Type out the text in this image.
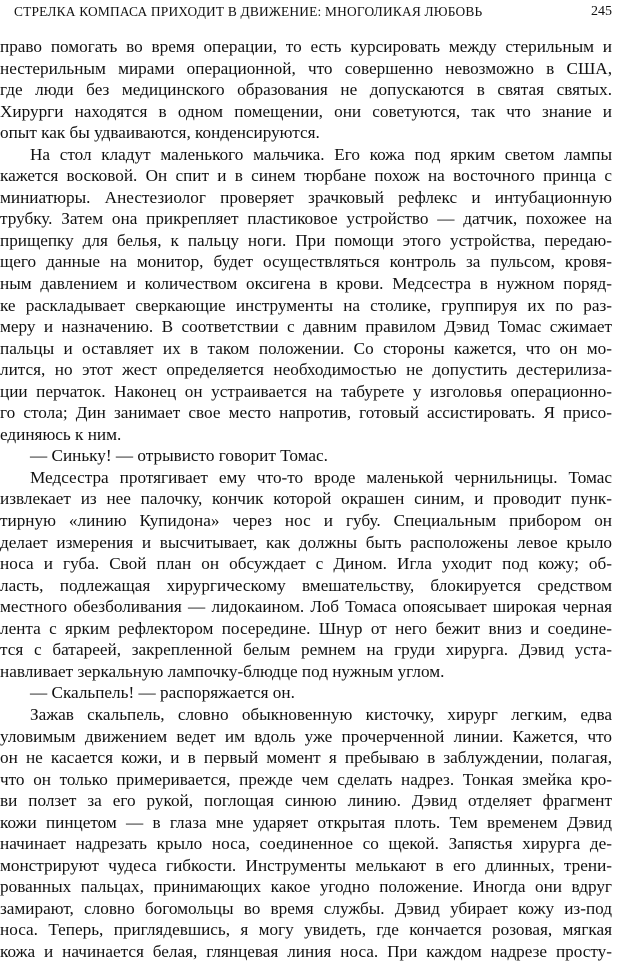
СТРЕЛКА КОМПАСА ПРИХОДИТ В ДВИЖЕНИЕ: МНОГОЛИКАЯ ЛЮБОВЬ	245
право помогать во время операции, то есть курсировать между стерильным и
нестерильным мирами операционной, что совершенно невозможно в США,
где люди без медицинского образования не допускаются в святая святых.
Хирурги находятся в одном помещении, они советуются, так что знание и
опыт как бы удваиваются, конденсируются.
На стол кладут маленького мальчика. Его кожа под ярким светом лампы
кажется восковой. Он спит и в синем тюрбане похож на восточного принца с
миниатюры. Анестезиолог проверяет зрачковый рефлекс и интубационную
трубку. Затем она прикрепляет пластиковое устройство — датчик, похожее на
прищепку для белья, к пальцу ноги. При помощи этого устройства, передаю-
щего данные на монитор, будет осуществляться контроль за пульсом, кровя-
ным давлением и количеством оксигена в крови. Медсестра в нужном поряд-
ке раскладывает сверкающие инструменты на столике, группируя их по раз-
меру и назначению. В соответствии с давним правилом Дэвид Томас сжимает
пальцы и оставляет их в таком положении. Со стороны кажется, что он мо-
лится, но этот жест определяется необходимостью не допустить дестерилиза-
ции перчаток. Наконец он устраивается на табурете у изголовья операционно-
го стола; Дин занимает свое место напротив, готовый ассистировать. Я присо-
единяюсь к ним.
— Синьку! — отрывисто говорит Томас.
Медсестра протягивает ему что-то вроде маленькой чернильницы. Томас
извлекает из нее палочку, кончик которой окрашен синим, и проводит пунк-
тирную «линию Купидона» через нос и губу. Специальным прибором он
делает измерения и высчитывает, как должны быть расположены левое крыло
носа и губа. Свой план он обсуждает с Дином. Игла уходит под кожу; об-
ласть, подлежащая хирургическому вмешательству, блокируется средством
местного обезболивания — лидокаином. Лоб Томаса опоясывает широкая черная
лента с ярким рефлектором посередине. Шнур от него бежит вниз и соедине-
тся с батареей, закрепленной белым ремнем на груди хирурга. Дэвид уста-
навливает зеркальную лампочку-блюдце под нужным углом.
— Скальпель! — распоряжается он.
Зажав скальпель, словно обыкновенную кисточку, хирург легким, едва
уловимым движением ведет им вдоль уже прочерченной линии. Кажется, что
он не касается кожи, и в первый момент я пребываю в заблуждении, полагая,
что он только примеривается, прежде чем сделать надрез. Тонкая змейка кро-
ви ползет за его рукой, поглощая синюю линию. Дэвид отделяет фрагмент
кожи пинцетом — в глаза мне ударяет открытая плоть. Тем временем Дэвид
начинает надрезать крыло носа, соединенное со щекой. Запястья хирурга де-
монстрируют чудеса гибкости. Инструменты мелькают в его длинных, трени-
рованных пальцах, принимающих какое угодно положение. Иногда они вдруг
замирают, словно богомольцы во время службы. Дэвид убирает кожу из-под
носа. Теперь, приглядевшись, я могу увидеть, где кончается розовая, мягкая
кожа и начинается белая, глянцевая линия носа. При каждом надрезе просту-
